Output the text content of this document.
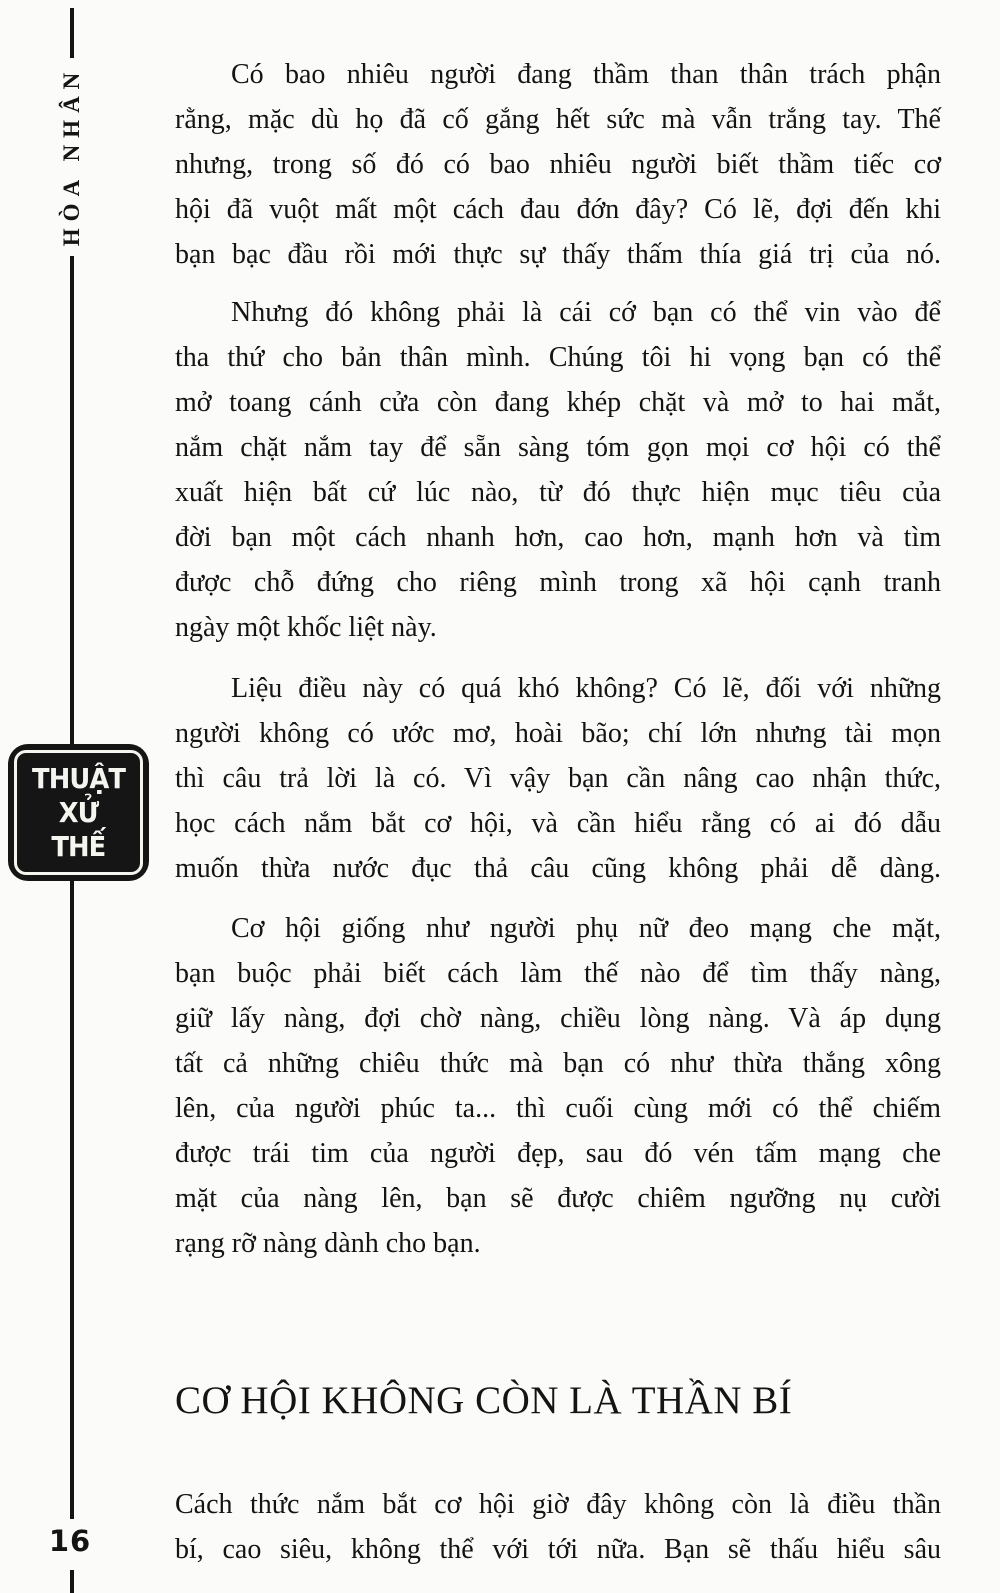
HÒA NHÂN
THUẬT
XỬ
THẾ
16
Có bao nhiêu người đang thầm than thân trách phận
rằng, mặc dù họ đã cố gắng hết sức mà vẫn trắng tay. Thế
nhưng, trong số đó có bao nhiêu người biết thầm tiếc cơ
hội đã vuột mất một cách đau đớn đây? Có lẽ, đợi đến khi
bạn bạc đầu rồi mới thực sự thấy thấm thía giá trị của nó.
Nhưng đó không phải là cái cớ bạn có thể vin vào để
tha thứ cho bản thân mình. Chúng tôi hi vọng bạn có thể
mở toang cánh cửa còn đang khép chặt và mở to hai mắt,
nắm chặt nắm tay để sẵn sàng tóm gọn mọi cơ hội có thể
xuất hiện bất cứ lúc nào, từ đó thực hiện mục tiêu của
đời bạn một cách nhanh hơn, cao hơn, mạnh hơn và tìm
được chỗ đứng cho riêng mình trong xã hội cạnh tranh
ngày một khốc liệt này.
Liệu điều này có quá khó không? Có lẽ, đối với những
người không có ước mơ, hoài bão; chí lớn nhưng tài mọn
thì câu trả lời là có. Vì vậy bạn cần nâng cao nhận thức,
học cách nắm bắt cơ hội, và cần hiểu rằng có ai đó dẫu
muốn thừa nước đục thả câu cũng không phải dễ dàng.
Cơ hội giống như người phụ nữ đeo mạng che mặt,
bạn buộc phải biết cách làm thế nào để tìm thấy nàng,
giữ lấy nàng, đợi chờ nàng, chiều lòng nàng. Và áp dụng
tất cả những chiêu thức mà bạn có như thừa thắng xông
lên, của người phúc ta... thì cuối cùng mới có thể chiếm
được trái tim của người đẹp, sau đó vén tấm mạng che
mặt của nàng lên, bạn sẽ được chiêm ngưỡng nụ cười
rạng rỡ nàng dành cho bạn.
CƠ HỘI KHÔNG CÒN LÀ THẦN BÍ
Cách thức nắm bắt cơ hội giờ đây không còn là điều thần
bí, cao siêu, không thể với tới nữa. Bạn sẽ thấu hiểu sâu
